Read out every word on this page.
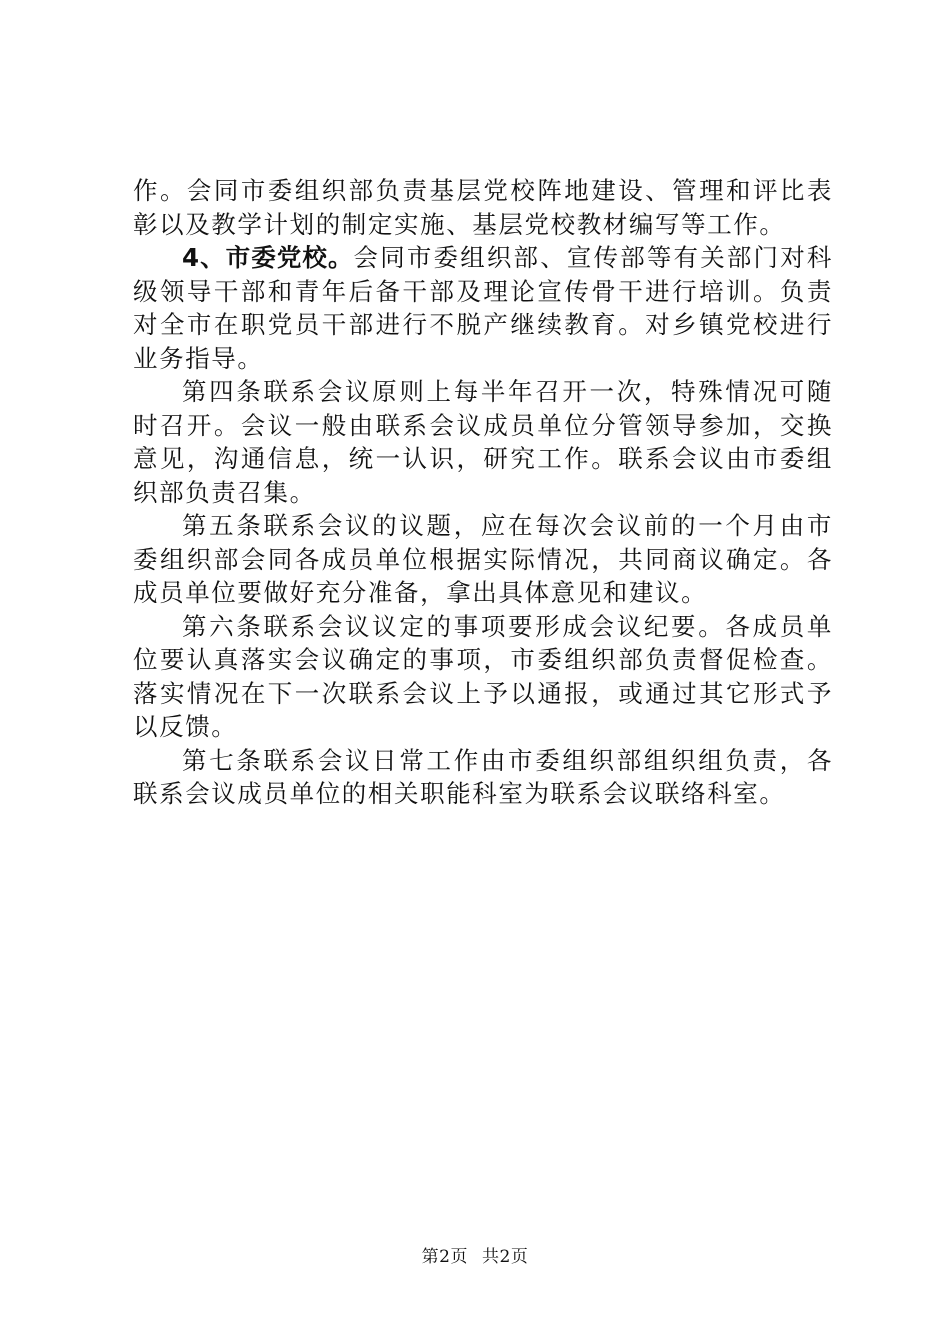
作。会同市委组织部负责基层党校阵地建设、管理和评比表彰以及教学计划的制定实施、基层党校教材编写等工作。

4、市委党校。会同市委组织部、宣传部等有关部门对科级领导干部和青年后备干部及理论宣传骨干进行培训。负责对全市在职党员干部进行不脱产继续教育。对乡镇党校进行业务指导。

第四条联系会议原则上每半年召开一次，特殊情况可随时召开。会议一般由联系会议成员单位分管领导参加，交换意见，沟通信息，统一认识，研究工作。联系会议由市委组织部负责召集。

第五条联系会议的议题，应在每次会议前的一个月由市委组织部会同各成员单位根据实际情况，共同商议确定。各成员单位要做好充分准备，拿出具体意见和建议。

第六条联系会议议定的事项要形成会议纪要。各成员单位要认真落实会议确定的事项，市委组织部负责督促检查。落实情况在下一次联系会议上予以通报，或通过其它形式予以反馈。

第七条联系会议日常工作由市委组织部组织组负责，各联系会议成员单位的相关职能科室为联系会议联络科室。

第2页 共2页
